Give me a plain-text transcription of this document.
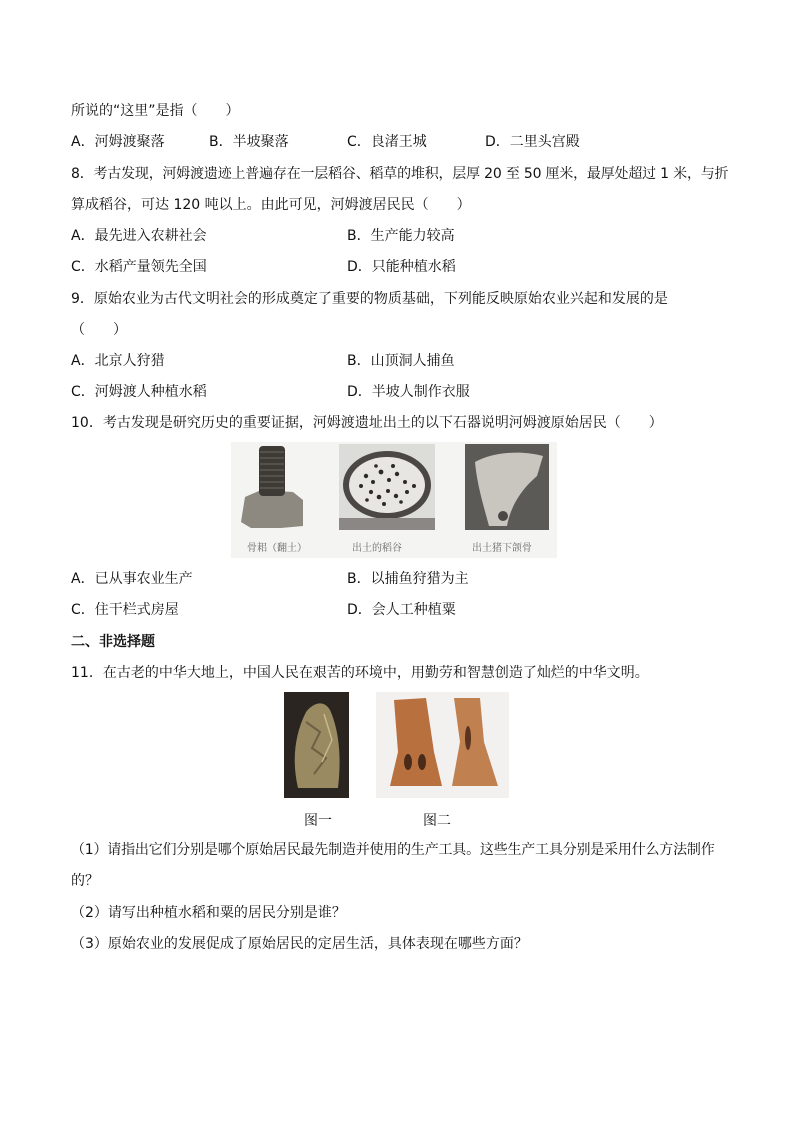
所说的“这里”是指（　　）
A．河姆渡聚落	B．半坡聚落	C．良渚王城	D．二里头宫殿
8．考古发现，河姆渡遗迹上普遍存在一层稻谷、稻草的堆积，层厚 20 至 50 厘米，最厚处超过 1 米，与折
算成稻谷，可达 120 吨以上。由此可见，河姆渡居民民（　　）
A．最先进入农耕社会	B．生产能力较高
C．水稻产量领先全国	D．只能种植水稻
9．原始农业为古代文明社会的形成奠定了重要的物质基础，下列能反映原始农业兴起和发展的是
（　　）
A．北京人狩猎	B．山顶洞人捕鱼
C．河姆渡人种植水稻	D．半坡人制作衣服
10．考古发现是研究历史的重要证据，河姆渡遗址出土的以下石器说明河姆渡原始居民（　　）
骨耜（翻土）	出土的稻谷	出土猪下颌骨
A．已从事农业生产	B．以捕鱼狩猎为主
C．住干栏式房屋	D．会人工种植粟
二、非选择题
11．在古老的中华大地上，中国人民在艰苦的环境中，用勤劳和智慧创造了灿烂的中华文明。
图一	图二
（1）请指出它们分别是哪个原始居民最先制造并使用的生产工具。这些生产工具分别是采用什么方法制作
的？
（2）请写出种植水稻和粟的居民分别是谁？
（3）原始农业的发展促成了原始居民的定居生活，具体表现在哪些方面？
